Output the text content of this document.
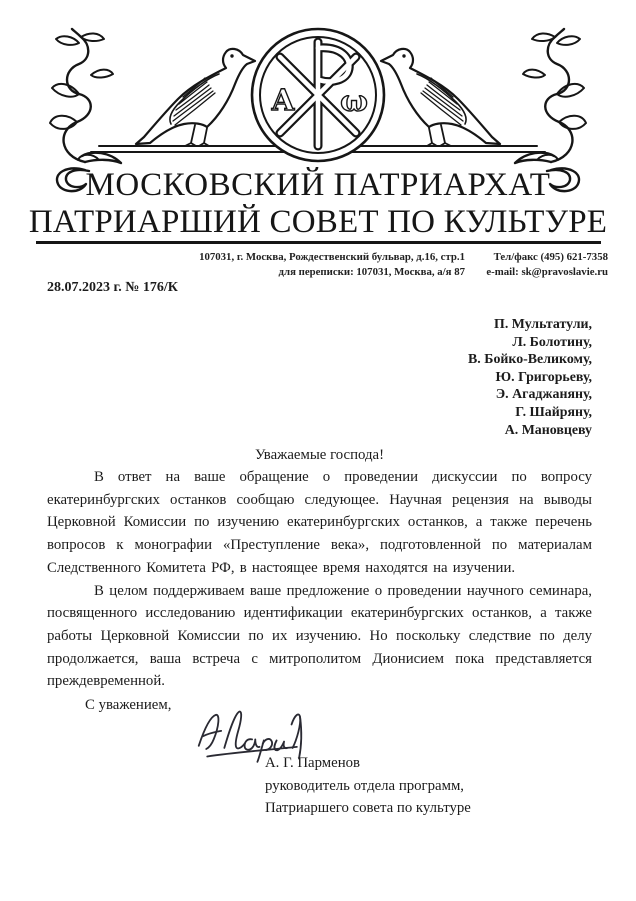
А ω
МОСКОВСКИЙ ПАТРИАРХАТ
ПАТРИАРШИЙ СОВЕТ ПО КУЛЬТУРЕ
107031, г. Москва, Рождественский бульвар, д.16, стр.1
для переписки: 107031, Москва, а/я 87
Тел/факс (495) 621-7358
e-mail: sk@pravoslavie.ru
28.07.2023 г. № 176/К
П. Мультатули,
Л. Болотину,
В. Бойко-Великому,
Ю. Григорьеву,
Э. Агаджаняну,
Г. Шайряну,
А. Мановцеву
Уважаемые господа!

В ответ на ваше обращение о проведении дискуссии по вопросу екатеринбургских останков сообщаю следующее. Научная рецензия на выводы Церковной Комиссии по изучению екатеринбургских останков, а также перечень вопросов к монографии «Преступление века», подготовленной по материалам Следственного Комитета РФ, в настоящее время находятся на изучении.

В целом поддерживаем ваше предложение о проведении научного семинара, посвященного исследованию идентификации екатеринбургских останков, а также работы Церковной Комиссии по их изучению. Но поскольку следствие по делу продолжается, ваша встреча с митрополитом Дионисием пока представляется преждевременной.

С уважением,
А. Г. Парменов
руководитель отдела программ,
Патриаршего совета по культуре
